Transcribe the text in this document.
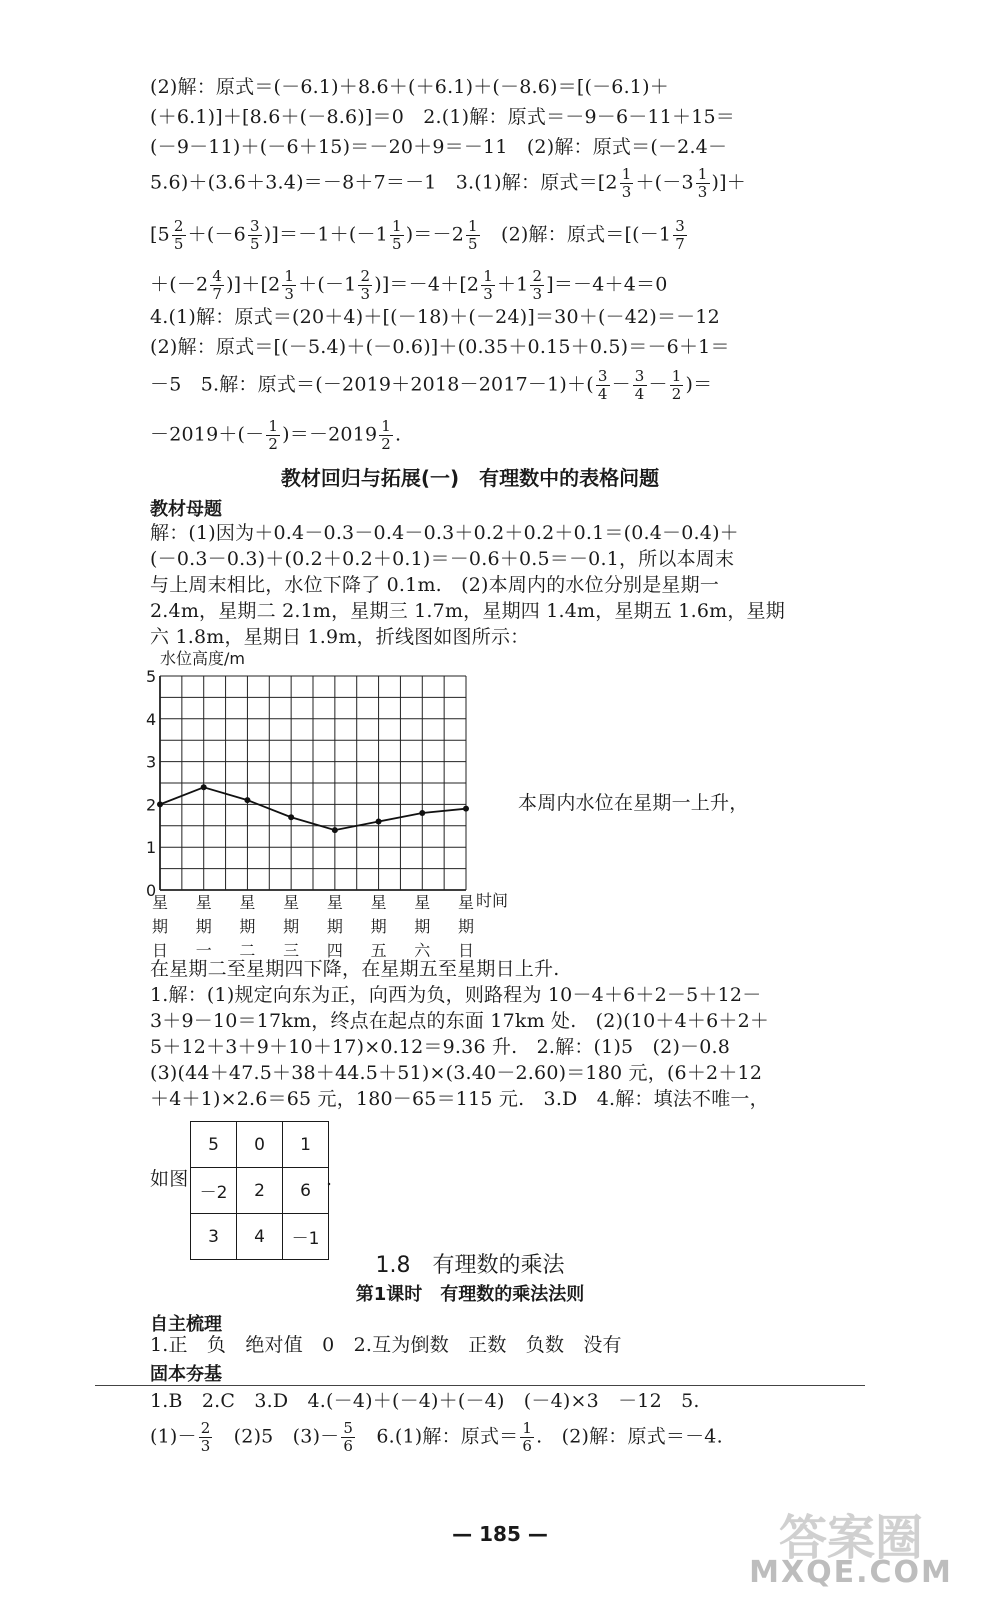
(2)解：原式＝(－6.1)＋8.6＋(＋6.1)＋(－8.6)＝[(－6.1)＋
(＋6.1)]＋[8.6＋(－8.6)]＝0　2.(1)解：原式＝－9－6－11＋15＝
(－9－11)＋(－6＋15)＝－20＋9＝－11　(2)解：原式＝(－2.4－
5.6)＋(3.6＋3.4)＝－8＋7＝－1　3.(1)解：原式$=[2 \frac{1}{3} +(-3 \frac{1}{3}$ )]＋
$[5 \frac{2}{5} +(-6 \frac{3}{5} )]=-1+(-1 \frac{1}{5} )=-2 \frac{1}{5}$ 　(2)解：原式$=[(-1 \frac{3}{7}$
$+(-2 \frac{4}{7} )]+[2 \frac{1}{3} +(-1 \frac{2}{3} )]=-4+[2 \frac{1}{3} +1 \frac{2}{3} ]=-4+4=0$
4.(1)解：原式＝(20＋4)＋[(－18)＋(－24)]＝30＋(－42)＝－12
(2)解：原式＝[(－5.4)＋(－0.6)]＋(0.35＋0.15＋0.5)＝－6＋1＝
－5　5.解：原式$=(-2019+2018-2017-1)+( \frac{3}{4} - \frac{3}{4} - \frac{1}{2}$ )＝
$-2019+(- \frac{1}{2} )=-2019 \frac{1}{2}$ .
教材回归与拓展(一)　有理数中的表格问题
教材母题
解：(1)因为＋0.4－0.3－0.4－0.3＋0.2＋0.2＋0.1＝(0.4－0.4)＋
(－0.3－0.3)＋(0.2＋0.2＋0.1)＝－0.6＋0.5＝－0.1，所以本周末
与上周末相比，水位下降了 0.1m.　(2)本周内的水位分别是星期一
2.4m，星期二 2.1m，星期三 1.7m，星期四 1.4m，星期五 1.6m，星期
六 1.8m，星期日 1.9m，折线图如图所示：
水位高度/m
0
1
2
3
4
5
星
期
日
星
期
一
星
期
二
星
期
三
星
期
四
星
期
五
星
期
六
星
期
日
时间
本周内水位在星期一上升，
在星期二至星期四下降，在星期五至星期日上升.
1.解：(1)规定向东为正，向西为负，则路程为 10－4＋6＋2－5＋12－
3＋9－10＝17km，终点在起点的东面 17km 处.　(2)(10＋4＋6＋2＋
5＋12＋3＋9＋10＋17)×0.12＝9.36 升.　2.解：(1)5　(2)－0.8
(3)(44＋47.5＋38＋44.5＋51)×(3.40－2.60)＝180 元，(6＋2＋12
＋4＋1)×2.6＝65 元，180－65＝115 元.　3.D　4.解：填法不唯一，
如图
5	0	1
－2	2	6
3	4	－1
.
1.8　有理数的乘法
第1课时　有理数的乘法法则
自主梳理
1.正　负　绝对值　0　2.互为倒数　正数　负数　没有
固本夯基
1.B　2.C　3.D　4.(－4)＋(－4)＋(－4)　(－4)×3　－12　5.
$(1)- \frac{2}{3}$ 　(2)5　$(3)- \frac{5}{6}$ 　6.(1)解：原式＝ $\frac{1}{6}$ .　(2)解：原式＝－4.
— 185 —	答案圈
MXQE.COM
